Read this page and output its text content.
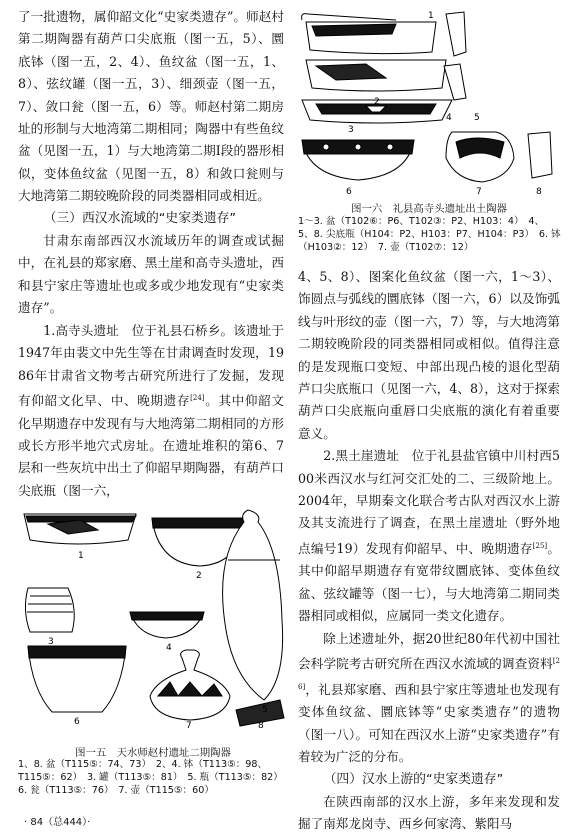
了一批遗物，属仰韶文化“史家类遗存”。师赵村第二期陶器有葫芦口尖底瓶（图一五，5）、圜底钵（图一五，2、4）、鱼纹盆（图一五，1、8）、弦纹罐（图一五，3）、细颈壶（图一五，7）、敛口瓮（图一五，6）等。师赵村第二期房址的形制与大地湾第二期相同；陶器中有些鱼纹盆（见图一五，1）与大地湾第二期Ⅰ段的器形相似，变体鱼纹盆（见图一五，8）和敛口瓮则与大地湾第二期较晚阶段的同类器相同或相近。

（三）西汉水流域的“史家类遗存”

甘肃东南部西汉水流域历年的调查或试掘中，在礼县的郑家磨、黑土崖和高寺头遗址，西和县宁家庄等遗址也或多或少地发现有“史家类遗存”。

1.高寺头遗址　位于礼县石桥乡。该遗址于1947年由裴文中先生等在甘肃调查时发现，1986年甘肃省文物考古研究所进行了发掘，发现有仰韶文化早、中、晚期遗存[24]。其中仰韶文化早期遗存中发现有与大地湾第二期相同的方形或长方形半地穴式房址。在遗址堆积的第6、7层和一些灰坑中出土了仰韶早期陶器，有葫芦口尖底瓶（图一六，

1
2
3
4
5
6	7	8
图一五　天水师赵村遗址二期陶器
1、8. 盆（T115⑤：74、73）　2、4. 钵（T113⑤：98、
T115⑤：62）　3. 罐（T113⑤：81）　5. 瓶（T113⑤：82）
6. 瓮（T113⑤：76）　7. 壶（T115⑤：60）
1
2
3
4 5
6	7	8
图一六　礼县高寺头遗址出土陶器
1～3. 盆（T102⑥：P6、T102③：P2、H103：4）　4、
5、8. 尖底瓶（H104：P2、H103：P7、H104：P3）　6. 钵
（H103②：12）　7. 壶（T102⑦：12）

4、5、8）、图案化鱼纹盆（图一六，1～3）、饰圆点与弧线的圜底钵（图一六，6）以及饰弧线与叶形纹的壶（图一六，7）等，与大地湾第二期较晚阶段的同类器相同或相似。值得注意的是发现瓶口变短、中部出现凸棱的退化型葫芦口尖底瓶口（见图一六，4、8），这对于探索葫芦口尖底瓶向重唇口尖底瓶的演化有着重要意义。

2.黑土崖遗址　位于礼县盐官镇中川村西500米西汉水与红河交汇处的二、三级阶地上。2004年，早期秦文化联合考古队对西汉水上游及其支流进行了调查，在黑土崖遗址（野外地点编号19）发现有仰韶早、中、晚期遗存[25]。其中仰韶早期遗存有宽带纹圜底钵、变体鱼纹盆、弦纹罐等（图一七），与大地湾第二期同类器相同或相似，应属同一类文化遗存。

除上述遗址外，据20世纪80年代初中国社会科学院考古研究所在西汉水流域的调查资料[26]，礼县郑家磨、西和县宁家庄等遗址也发现有变体鱼纹盆、圜底钵等“史家类遗存”的遗物（图一八）。可知在西汉水上游“史家类遗存”有着较为广泛的分布。

（四）汉水上游的“史家类遗存”

在陕西南部的汉水上游，多年来发现和发掘了南郑龙岗寺、西乡何家湾、紫阳马

· 84（总444）·
